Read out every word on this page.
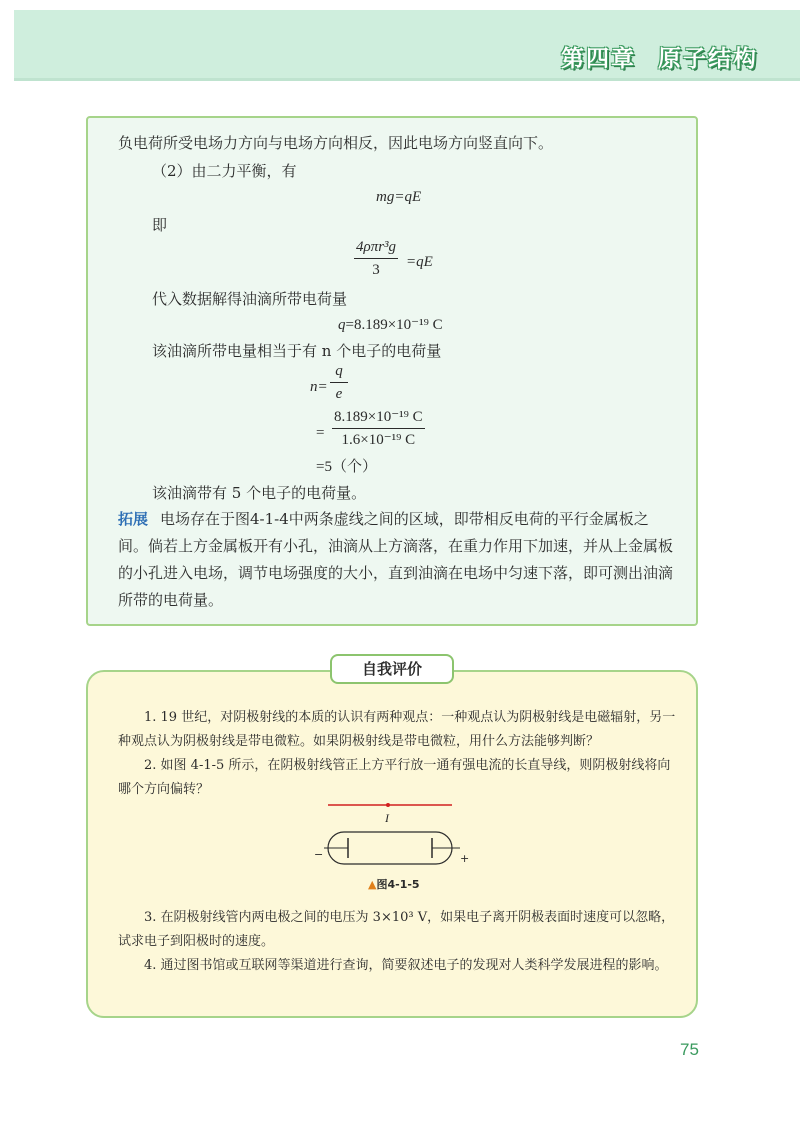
第四章 原子结构
负电荷所受电场力方向与电场方向相反，因此电场方向竖直向下。
（2）由二力平衡，有
mg=qE
即
4ρπr³g
3	=qE
代入数据解得油滴所带电荷量
q=8.189×10⁻¹⁹ C
该油滴所带电量相当于有 n 个电子的电荷量
$n= \frac{q}{e}$
= $\frac{\text{8.189×10⁻¹⁹ C}}{\text{1.6×10⁻¹⁹ C}}$
=5（个）
该油滴带有 5 个电子的电荷量。
拓展 电场存在于图4-1-4中两条虚线之间的区域，即带相反电荷的平行金属板之间。倘若上方金属板开有小孔，油滴从上方滴落，在重力作用下加速，并从上金属板的小孔进入电场，调节电场强度的大小，直到油滴在电场中匀速下落，即可测出油滴所带的电荷量。
1. 19 世纪，对阴极射线的本质的认识有两种观点：一种观点认为阴极射线是电磁辐射，另一种观点认为阴极射线是带电微粒。如果阴极射线是带电微粒，用什么方法能够判断？
2. 如图 4-1-5 所示，在阴极射线管正上方平行放一通有强电流的长直导线，则阴极射线将向哪个方向偏转？
3. 在阴极射线管内两电极之间的电压为 3×10³ V，如果电子离开阴极表面时速度可以忽略，试求电子到阳极时的速度。
4. 通过图书馆或互联网等渠道进行查询，简要叙述电子的发现对人类科学发展进程的影响。
自我评价
I
−	+
▲图4-1-5
75
